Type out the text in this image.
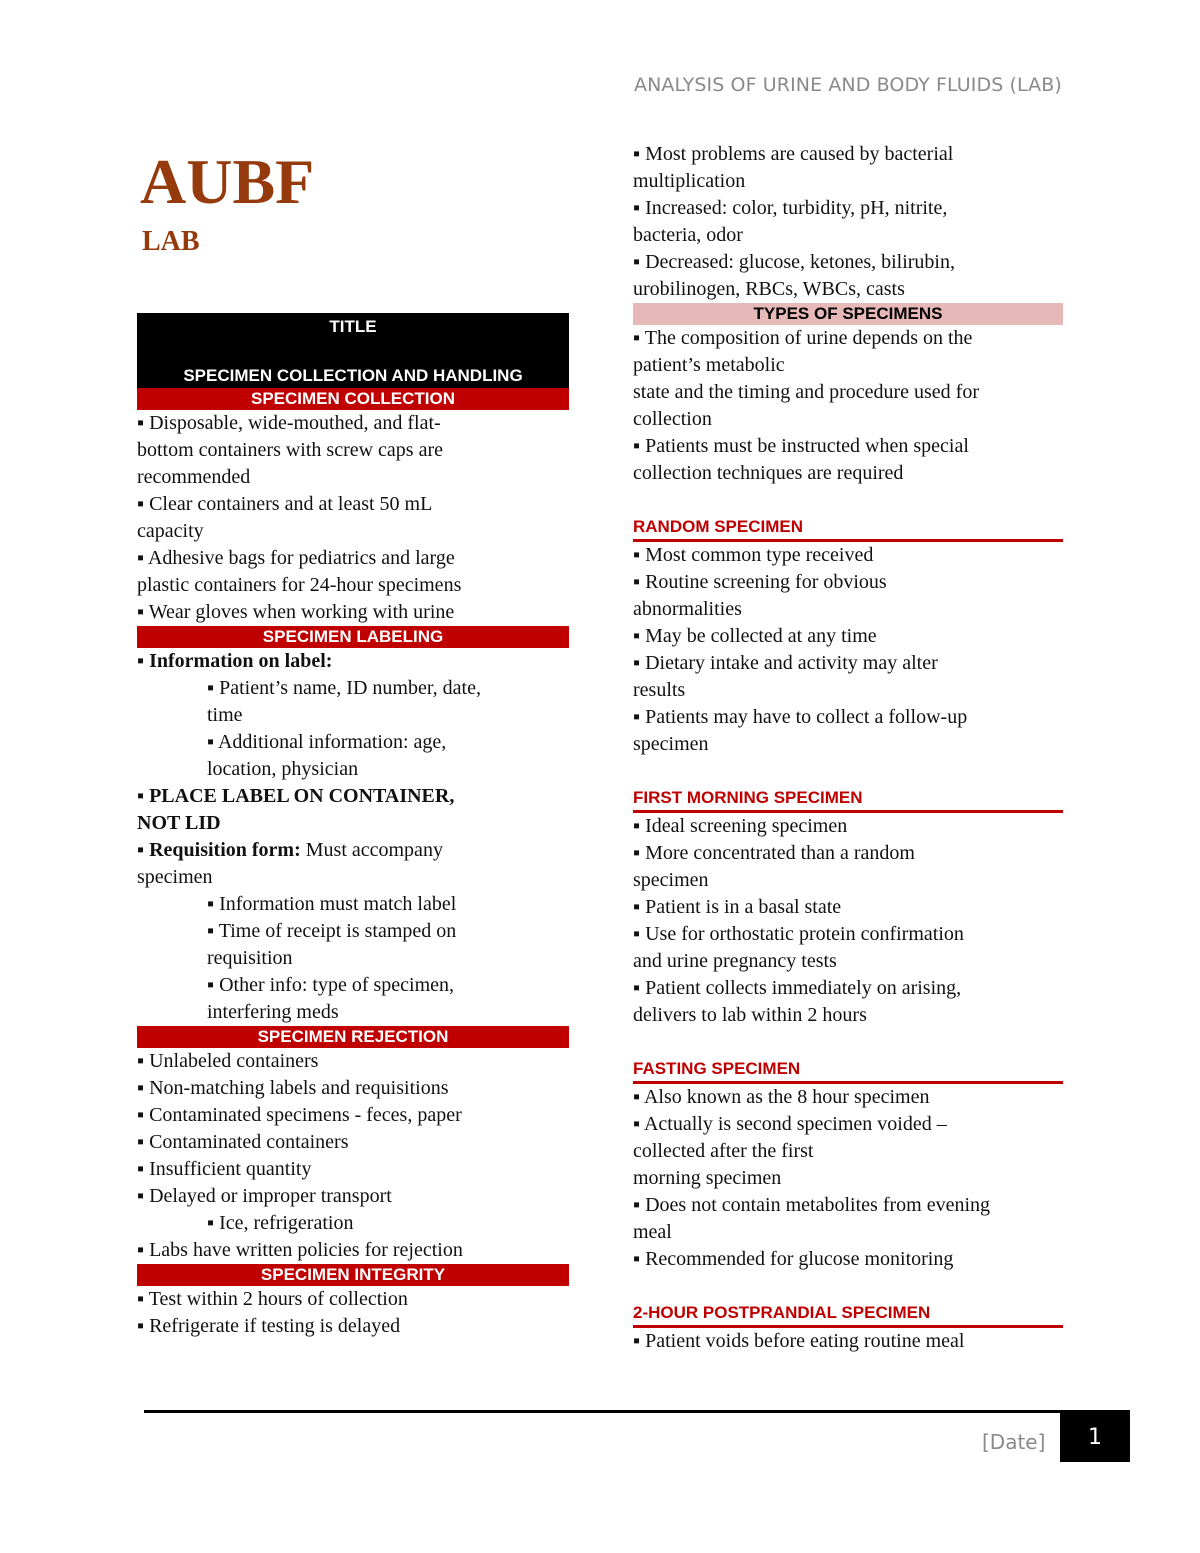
ANALYSIS OF URINE AND BODY FLUIDS (LAB)
AUBF
LAB
TITLE
SPECIMEN COLLECTION AND HANDLING
SPECIMEN COLLECTION
▪ Disposable, wide-mouthed, and flat-
bottom containers with screw caps are
recommended
▪ Clear containers and at least 50 mL
capacity
▪ Adhesive bags for pediatrics and large
plastic containers for 24-hour specimens
▪ Wear gloves when working with urine
SPECIMEN LABELING
▪ Information on label:
▪ Patient’s name, ID number, date,
time
▪ Additional information: age,
location, physician
▪ PLACE LABEL ON CONTAINER,
NOT LID
▪ Requisition form: Must accompany
specimen
▪ Information must match label
▪ Time of receipt is stamped on
requisition
▪ Other info: type of specimen,
interfering meds
SPECIMEN REJECTION
▪ Unlabeled containers
▪ Non-matching labels and requisitions
▪ Contaminated specimens - feces, paper
▪ Contaminated containers
▪ Insufficient quantity
▪ Delayed or improper transport
▪ Ice, refrigeration
▪ Labs have written policies for rejection
SPECIMEN INTEGRITY
▪ Test within 2 hours of collection
▪ Refrigerate if testing is delayed
▪ Most problems are caused by bacterial
multiplication
▪ Increased: color, turbidity, pH, nitrite,
bacteria, odor
▪ Decreased: glucose, ketones, bilirubin,
urobilinogen, RBCs, WBCs, casts
TYPES OF SPECIMENS
▪ The composition of urine depends on the
patient’s metabolic
state and the timing and procedure used for
collection
▪ Patients must be instructed when special
collection techniques are required
RANDOM SPECIMEN
▪ Most common type received
▪ Routine screening for obvious
abnormalities
▪ May be collected at any time
▪ Dietary intake and activity may alter
results
▪ Patients may have to collect a follow-up
specimen
FIRST MORNING SPECIMEN
▪ Ideal screening specimen
▪ More concentrated than a random
specimen
▪ Patient is in a basal state
▪ Use for orthostatic protein confirmation
and urine pregnancy tests
▪ Patient collects immediately on arising,
delivers to lab within 2 hours
FASTING SPECIMEN
▪ Also known as the 8 hour specimen
▪ Actually is second specimen voided –
collected after the first
morning specimen
▪ Does not contain metabolites from evening
meal
▪ Recommended for glucose monitoring
2-HOUR POSTPRANDIAL SPECIMEN
▪ Patient voids before eating routine meal
[Date]	1
